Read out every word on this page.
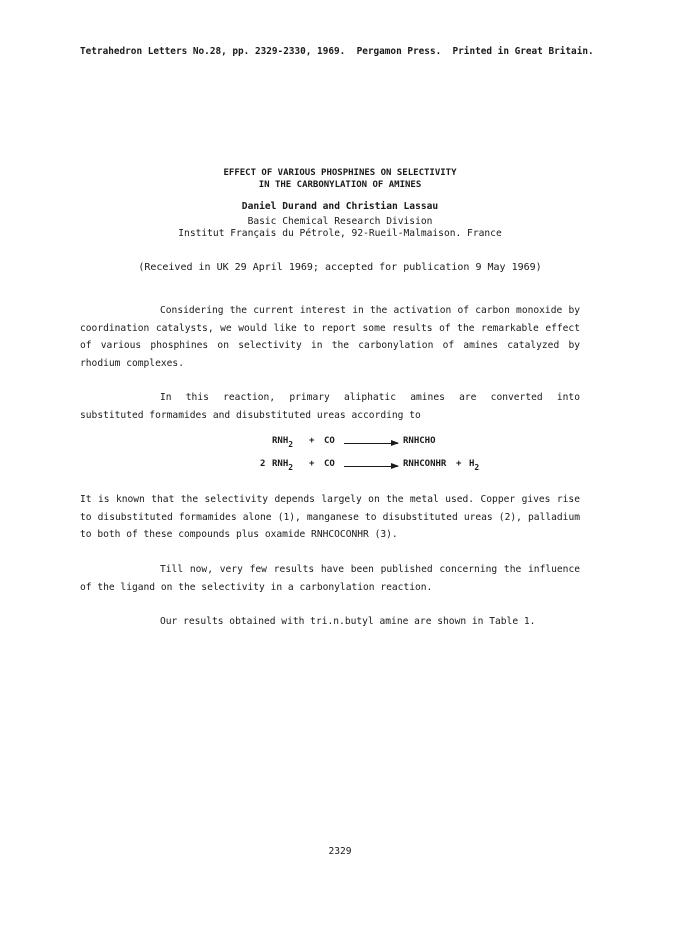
Tetrahedron Letters No.28, pp. 2329-2330, 1969.  Pergamon Press.  Printed in Great Britain.
EFFECT OF VARIOUS PHOSPHINES ON SELECTIVITY
IN THE CARBONYLATION OF AMINES
Daniel Durand and Christian Lassau
Basic Chemical Research Division
Institut Français du Pétrole, 92-Rueil-Malmaison. France
(Received in UK 29 April 1969; accepted for publication 9 May 1969)
Considering the current interest in the activation of carbon monoxide by coordination catalysts, we would like to report some results of the remarkable effect of various phosphines on selectivity in the carbonylation of amines catalyzed by rhodium complexes.
In this reaction, primary aliphatic amines are converted into substituted formamides and disubstituted ureas according to
RNH2 + CO	RNHCHO
2 RNH2 + CO	RNHCONHR + H2
It is known that the selectivity depends largely on the metal used. Copper gives rise to disubstituted formamides alone (1), manganese to disubstituted ureas (2), palladium to both of these compounds plus oxamide RNHCOCONHR (3).
Till now, very few results have been published concerning the influence of the ligand on the selectivity in a carbonylation reaction.
Our results obtained with tri.n.butyl amine are shown in Table 1.
2329
